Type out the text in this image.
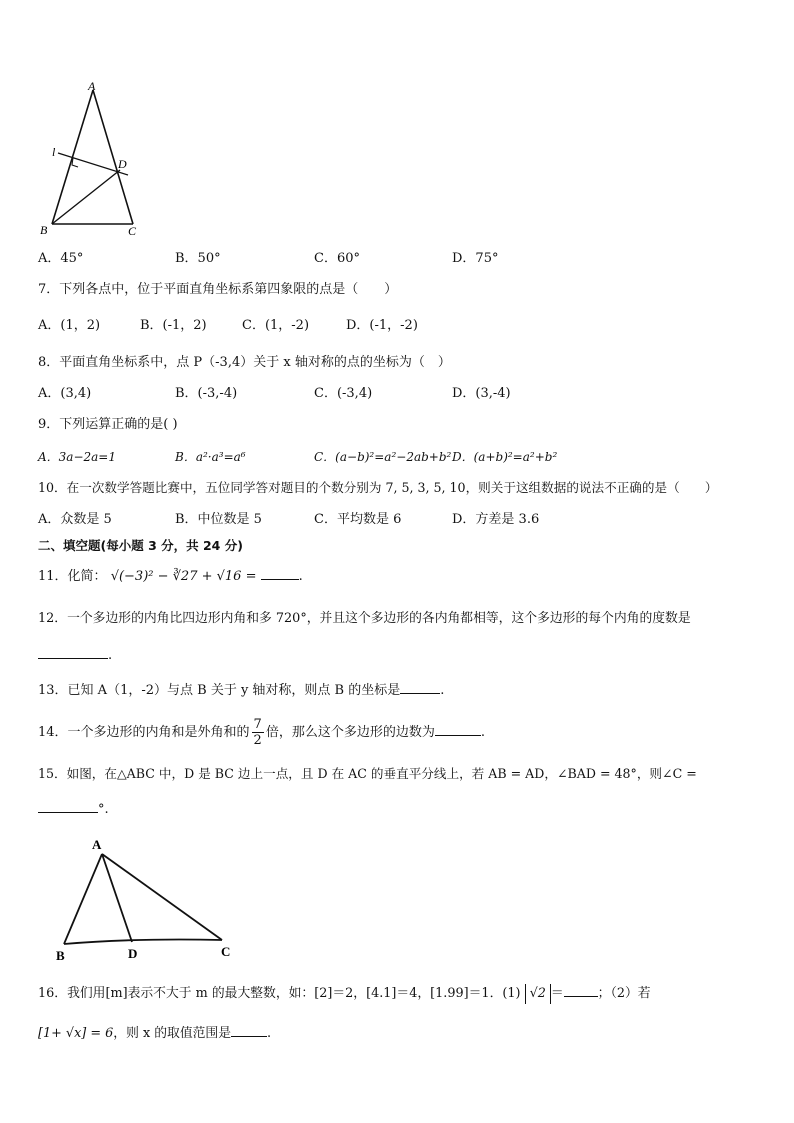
A
l
D
B	C
A．45°	B．50°	C．60°	D．75°
7．下列各点中，位于平面直角坐标系第四象限的点是（　　）
A．(1，2)	B．(-1，2)	C．(1，-2)	D．(-1，-2)
8．平面直角坐标系中，点 P（-3,4）关于 x 轴对称的点的坐标为（　）
A．(3,4)	B．(-3,-4)	C．(-3,4)	D．(3,-4)
9．下列运算正确的是( )
A．3a−2a=1	B．a²·a³=a⁶	C．(a−b)²=a²−2ab+b² D．(a+b)²=a²+b²
10．在一次数学答题比赛中，五位同学答对题目的个数分别为 7, 5, 3, 5, 10，则关于这组数据的说法不正确的是（　　）
A．众数是 5	B．中位数是 5	C．平均数是 6	D．方差是 3.6
二、填空题(每小题 3 分，共 24 分)
11．化简： √(−3)² − ∛27 + √16 =	.
12．一个多边形的内角比四边形内角和多 720°，并且这个多边形的各内角都相等，这个多边形的每个内角的度数是
.
13．已知 A（1，-2）与点 B 关于 y 轴对称，则点 B 的坐标是	.
14．一个多边形的内角和是外角和的 $\frac{7}{2}$ 倍，那么这个多边形的边数为	.
15．如图，在△ABC 中，D 是 BC 边上一点，且 D 在 AC 的垂直平分线上，若 AB = AD，∠BAD = 48°，则∠C =
°.
A
B	D	C
16．我们用[m]表示不大于 m 的最大整数，如：[2]＝2，[4.1]＝4，[1.99]＝1．(1) √2 ＝	；（2）若
[1+ √x] = 6，则 x 的取值范围是	.
